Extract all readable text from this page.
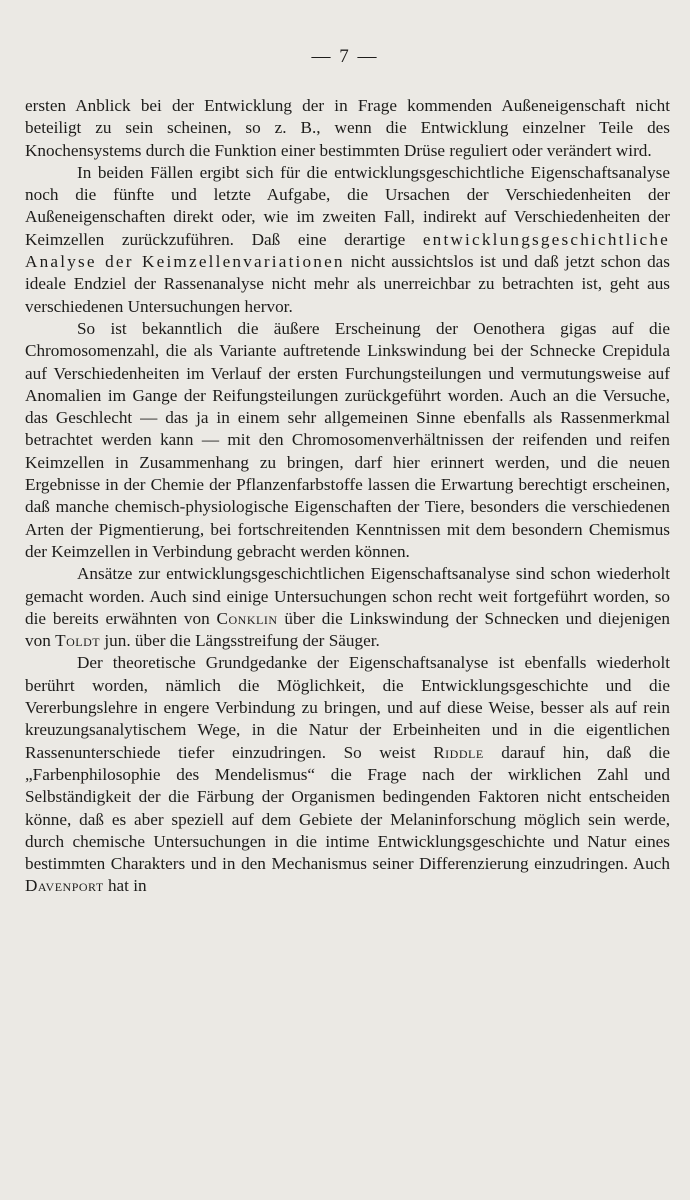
— 7 —

ersten Anblick bei der Entwicklung der in Frage kommenden Außeneigenschaft nicht beteiligt zu sein scheinen, so z. B., wenn die Entwicklung einzelner Teile des Knochensystems durch die Funktion einer bestimmten Drüse reguliert oder verändert wird.

In beiden Fällen ergibt sich für die entwicklungsgeschichtliche Eigenschaftsanalyse noch die fünfte und letzte Aufgabe, die Ursachen der Verschiedenheiten der Außeneigenschaften direkt oder, wie im zweiten Fall, indirekt auf Verschiedenheiten der Keimzellen zurückzuführen. Daß eine derartige entwicklungsgeschichtliche Analyse der Keimzellenvariationen nicht aussichtslos ist und daß jetzt schon das ideale Endziel der Rassenanalyse nicht mehr als unerreichbar zu betrachten ist, geht aus verschiedenen Untersuchungen hervor.

So ist bekanntlich die äußere Erscheinung der Oenothera gigas auf die Chromosomenzahl, die als Variante auftretende Linkswindung bei der Schnecke Crepidula auf Verschiedenheiten im Verlauf der ersten Furchungsteilungen und vermutungsweise auf Anomalien im Gange der Reifungsteilungen zurückgeführt worden. Auch an die Versuche, das Geschlecht — das ja in einem sehr allgemeinen Sinne ebenfalls als Rassenmerkmal betrachtet werden kann — mit den Chromosomenverhältnissen der reifenden und reifen Keimzellen in Zusammenhang zu bringen, darf hier erinnert werden, und die neuen Ergebnisse in der Chemie der Pflanzenfarbstoffe lassen die Erwartung berechtigt erscheinen, daß manche chemisch-physiologische Eigenschaften der Tiere, besonders die verschiedenen Arten der Pigmentierung, bei fortschreitenden Kenntnissen mit dem besondern Chemismus der Keimzellen in Verbindung gebracht werden können.

Ansätze zur entwicklungsgeschichtlichen Eigenschaftsanalyse sind schon wiederholt gemacht worden. Auch sind einige Untersuchungen schon recht weit fortgeführt worden, so die bereits erwähnten von Conklin über die Linkswindung der Schnecken und diejenigen von Toldt jun. über die Längsstreifung der Säuger.

Der theoretische Grundgedanke der Eigenschaftsanalyse ist ebenfalls wiederholt berührt worden, nämlich die Möglichkeit, die Entwicklungsgeschichte und die Vererbungslehre in engere Verbindung zu bringen, und auf diese Weise, besser als auf rein kreuzungsanalytischem Wege, in die Natur der Erbeinheiten und in die eigentlichen Rassenunterschiede tiefer einzudringen. So weist Riddle darauf hin, daß die „Farbenphilosophie des Mendelismus“ die Frage nach der wirklichen Zahl und Selbständigkeit der die Färbung der Organismen bedingenden Faktoren nicht entscheiden könne, daß es aber speziell auf dem Gebiete der Melaninforschung möglich sein werde, durch chemische Untersuchungen in die intime Entwicklungsgeschichte und Natur eines bestimmten Charakters und in den Mechanismus seiner Differenzierung einzudringen. Auch Davenport hat in
